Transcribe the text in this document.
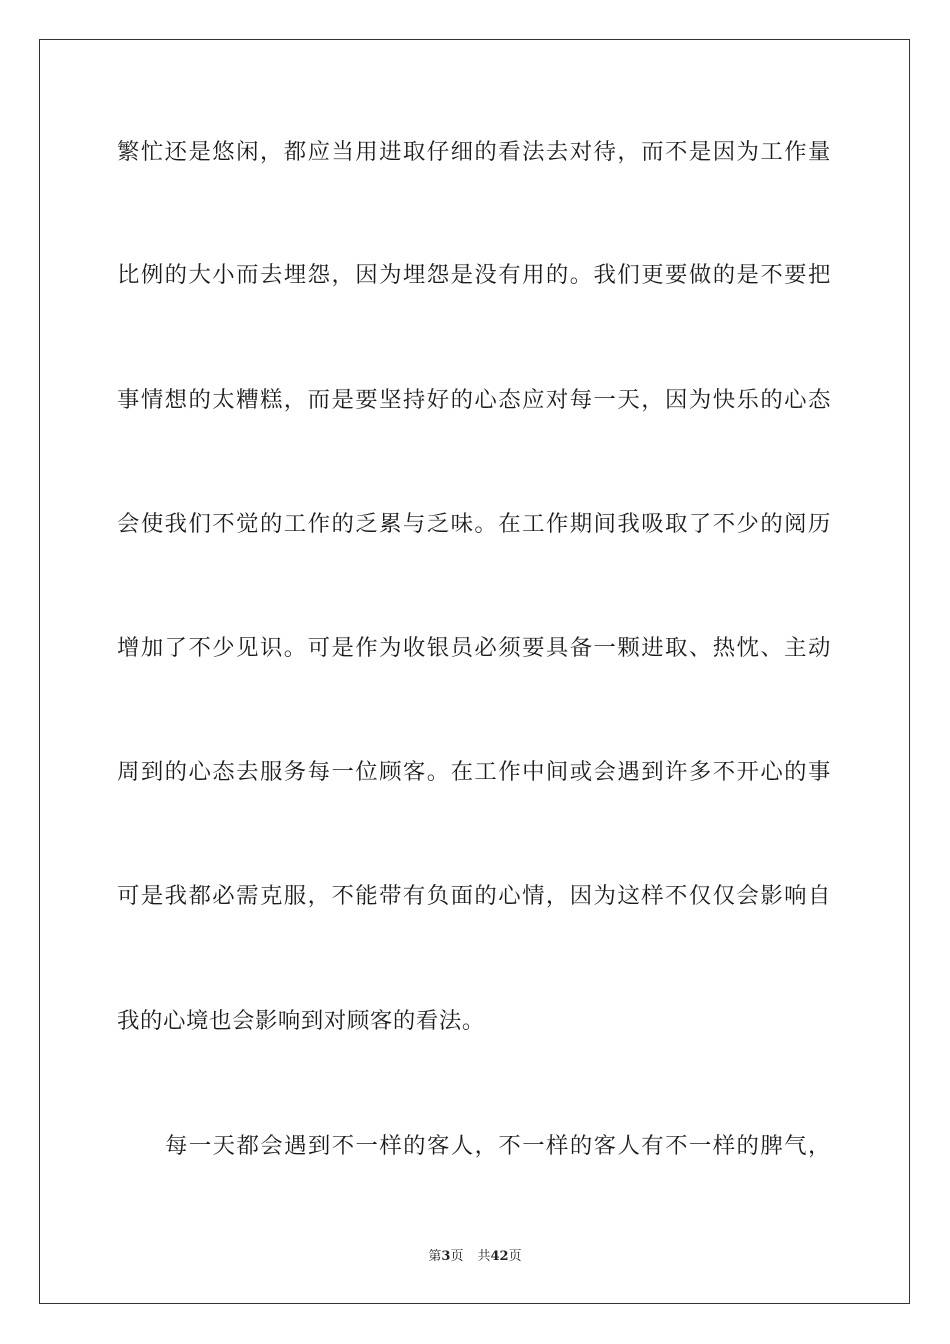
繁忙还是悠闲，都应当用进取仔细的看法去对待，而不是因为工作量
比例的大小而去埋怨，因为埋怨是没有用的。我们更要做的是不要把
事情想的太糟糕，而是要坚持好的心态应对每一天，因为快乐的心态
会使我们不觉的工作的乏累与乏味。在工作期间我吸取了不少的阅历
增加了不少见识。可是作为收银员必须要具备一颗进取、热忱、主动
周到的心态去服务每一位顾客。在工作中间或会遇到许多不开心的事
可是我都必需克服，不能带有负面的心情，因为这样不仅仅会影响自
我的心境也会影响到对顾客的看法。
每一天都会遇到不一样的客人，不一样的客人有不一样的脾气，
第3页 共42页
